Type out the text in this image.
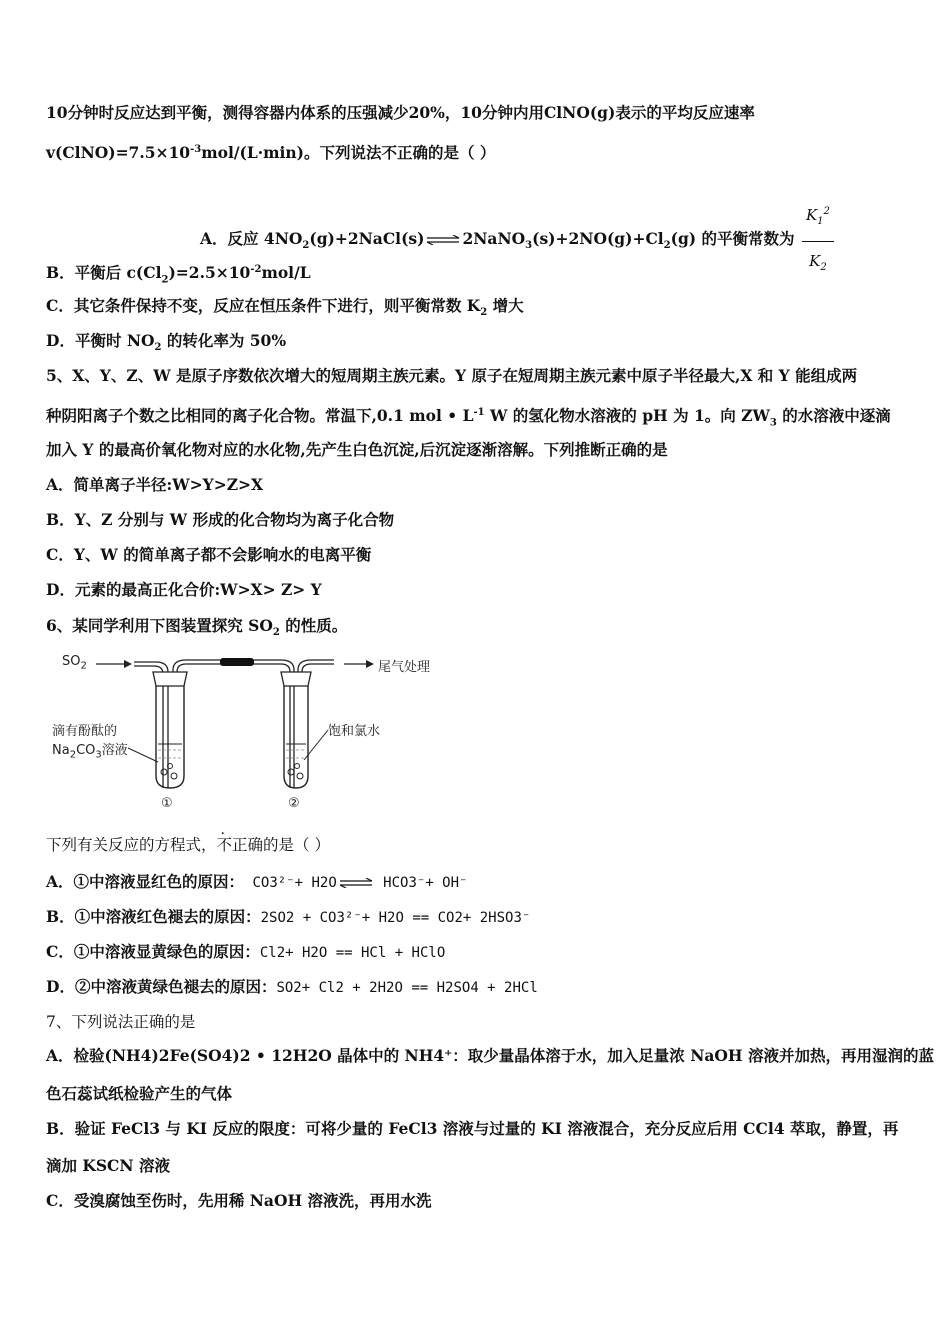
10分钟时反应达到平衡，测得容器内体系的压强减少20%，10分钟内用ClNO(g)表示的平均反应速率
$v(ClNO)=7.5\times 10^{-3}mol/(L\cdot\min)$。下列说法不正确的是（ ）
A．反应 $4NO_2(g)+2NaCl(s)$ ⇌ $2NaNO_3(s)+2NO(g)+Cl_2(g)$ 的平衡常数为 $\frac{K_1^2}{K_2}$
B．平衡后 $c(Cl_2)=2.5\times 10^{-2}mol/L$
C．其它条件保持不变，反应在恒压条件下进行，则平衡常数 $K_2$ 增大
D．平衡时 $NO_2$ 的转化率为 50%
5、X、Y、Z、W 是原子序数依次增大的短周期主族元素。Y 原子在短周期主族元素中原子半径最大,X 和 Y 能组成两
种阴阳离子个数之比相同的离子化合物。常温下,0.1 mol • $L^{-1}$ W 的氢化物水溶液的 pH 为 1。向 $ZW_3$ 的水溶液中逐滴
加入 Y 的最高价氧化物对应的水化物,先产生白色沉淀,后沉淀逐渐溶解。下列推断正确的是
A．简单离子半径:W>Y>Z>X
B．Y、Z 分别与 W 形成的化合物均为离子化合物
C．Y、W 的简单离子都不会影响水的电离平衡
D．元素的最高正化合价:W>X> Z> Y
6、某同学利用下图装置探究 $SO_2$ 的性质。
$SO_2$	尾气处理
滴有酚酞的
$Na_2CO_3$溶液
饱和氯水
①	②
下列有关反应的方程式，不正确的是（ ）
A．①中溶液显红色的原因： CO3²⁻+ H2O ⇌ HCO3⁻+ OH⁻
B．①中溶液红色褪去的原因：2SO2 + CO3²⁻+ H2O == CO2+ 2HSO3⁻
C．①中溶液显黄绿色的原因：Cl2+ H2O == HCl + HClO
D．②中溶液黄绿色褪去的原因：SO2+ Cl2 + 2H2O == H2SO4 + 2HCl
7、下列说法正确的是
A．检验(NH4)2Fe(SO4)2 • 12H2O 晶体中的 NH4⁺：取少量晶体溶于水，加入足量浓 NaOH 溶液并加热，再用湿润的蓝
色石蕊试纸检验产生的气体
B．验证 FeCl3 与 KI 反应的限度：可将少量的 FeCl3 溶液与过量的 KI 溶液混合，充分反应后用 CCl4 萃取，静置，再
滴加 KSCN 溶液
C．受溴腐蚀至伤时，先用稀 NaOH 溶液洗，再用水洗
